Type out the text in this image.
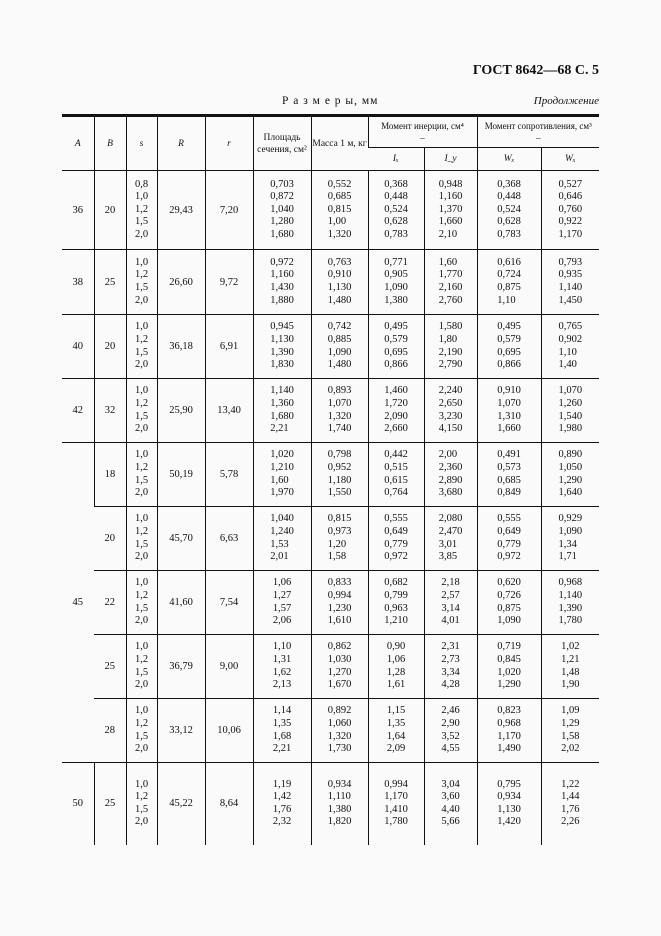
ГОСТ 8642—68 С. 5
Р а з м е р ы, мм	Продолжение
A	B	s	R	r	Площадь сечения, см²	Масса 1 м, кг	
Момент инерции, см⁴
–

Момент сопротивления, см³
–

							Iₓ	I_y	Wₓ	Wₓ
36	20	0,8
1,0
1,2
1,5
2,0	29,43	7,20	0,703
0,872
1,040
1,280
1,680	0,552
0,685
0,815
1,00
1,320	0,368
0,448
0,524
0,628
0,783	0,948
1,160
1,370
1,660
2,10	0,368
0,448
0,524
0,628
0,783	0,527
0,646
0,760
0,922
1,170

38	25	1,0
1,2
1,5
2,0	26,60	9,72	0,972
1,160
1,430
1,880	0,763
0,910
1,130
1,480	0,771
0,905
1,090
1,380	1,60
1,770
2,160
2,760	0,616
0,724
0,875
1,10	0,793
0,935
1,140
1,450

40	20	1,0
1,2
1,5
2,0	36,18	6,91	0,945
1,130
1,390
1,830	0,742
0,885
1,090
1,480	0,495
0,579
0,695
0,866	1,580
1,80
2,190
2,790	0,495
0,579
0,695
0,866	0,765
0,902
1,10
1,40

42	32	1,0
1,2
1,5
2,0	25,90	13,40	1,140
1,360
1,680
2,21	0,893
1,070
1,320
1,740	1,460
1,720
2,090
2,660	2,240
2,650
3,230
4,150	0,910
1,070
1,310
1,660	1,070
1,260
1,540
1,980

45	18	1,0
1,2
1,5
2,0	50,19	5,78	1,020
1,210
1,60
1,970	0,798
0,952
1,180
1,550	0,442
0,515
0,615
0,764	2,00
2,360
2,890
3,680	0,491
0,573
0,685
0,849	0,890
1,050
1,290
1,640

	20	1,0
1,2
1,5
2,0	45,70	6,63	1,040
1,240
1,53
2,01	0,815
0,973
1,20
1,58	0,555
0,649
0,779
0,972	2,080
2,470
3,01
3,85	0,555
0,649
0,779
0,972	0,929
1,090
1,34
1,71

	22	1,0
1,2
1,5
2,0	41,60	7,54	1,06
1,27
1,57
2,06	0,833
0,994
1,230
1,610	0,682
0,799
0,963
1,210	2,18
2,57
3,14
4,01	0,620
0,726
0,875
1,090	0,968
1,140
1,390
1,780

	25	1,0
1,2
1,5
2,0	36,79	9,00	1,10
1,31
1,62
2,13	0,862
1,030
1,270
1,670	0,90
1,06
1,28
1,61	2,31
2,73
3,34
4,28	0,719
0,845
1,020
1,290	1,02
1,21
1,48
1,90

	28	1,0
1,2
1,5
2,0	33,12	10,06	1,14
1,35
1,68
2,21	0,892
1,060
1,320
1,730	1,15
1,35
1,64
2,09	2,46
2,90
3,52
4,55	0,823
0,968
1,170
1,490	1,09
1,29
1,58
2,02

50	25	1,0
1,2
1,5
2,0	45,22	8,64	1,19
1,42
1,76
2,32	0,934
1,110
1,380
1,820	0,994
1,170
1,410
1,780	3,04
3,60
4,40
5,66	0,795
0,934
1,130
1,420	1,22
1,44
1,76
2,26
